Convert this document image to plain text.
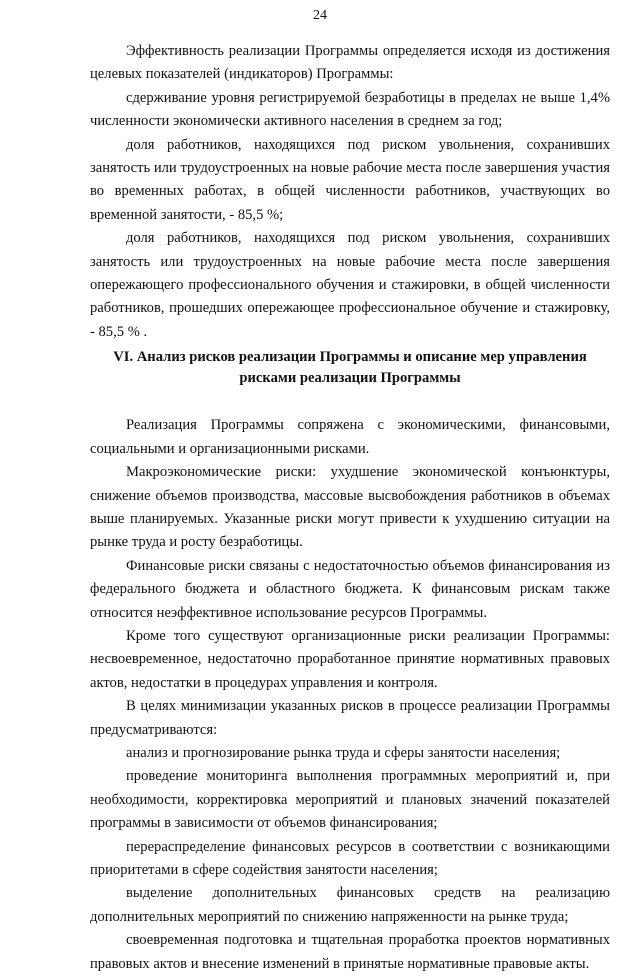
24

Эффективность реализации Программы определяется исходя из достижения целевых показателей (индикаторов) Программы:

сдерживание уровня регистрируемой безработицы в пределах не выше 1,4% численности экономически активного населения в среднем за год;

доля работников, находящихся под риском увольнения, сохранивших занятость или трудоустроенных на новые рабочие места после завершения участия во временных работах, в общей численности работников, участвующих во временной занятости, - 85,5 %;

доля работников, находящихся под риском увольнения, сохранивших занятость или трудоустроенных на новые рабочие места после завершения опережающего профессионального обучения и стажировки, в общей численности работников, прошедших опережающее профессиональное обучение и стажировку, - 85,5 % .

VI. Анализ рисков реализации Программы и описание мер управления
рисками реализации Программы

Реализация Программы сопряжена с экономическими, финансовыми, социальными и организационными рисками.

Макроэкономические риски: ухудшение экономической конъюнктуры, снижение объемов производства, массовые высвобождения работников в объемах выше планируемых. Указанные риски могут привести к ухудшению ситуации на рынке труда и росту безработицы.

Финансовые риски связаны с недостаточностью объемов финансирования из федерального бюджета и областного бюджета. К финансовым рискам также относится неэффективное использование ресурсов Программы.

Кроме того существуют организационные риски реализации Программы: несвоевременное, недостаточно проработанное принятие нормативных правовых актов, недостатки в процедурах управления и контроля.

В целях минимизации указанных рисков в процессе реализации Программы предусматриваются:

анализ и прогнозирование рынка труда и сферы занятости населения;

проведение мониторинга выполнения программных мероприятий и, при необходимости, корректировка мероприятий и плановых значений показателей программы в зависимости от объемов финансирования;

перераспределение финансовых ресурсов в соответствии с возникающими приоритетами в сфере содействия занятости населения;

выделение дополнительных финансовых средств на реализацию дополнительных мероприятий по снижению напряженности на рынке труда;

своевременная подготовка и тщательная проработка проектов нормативных правовых актов и внесение изменений в принятые нормативные правовые акты.
